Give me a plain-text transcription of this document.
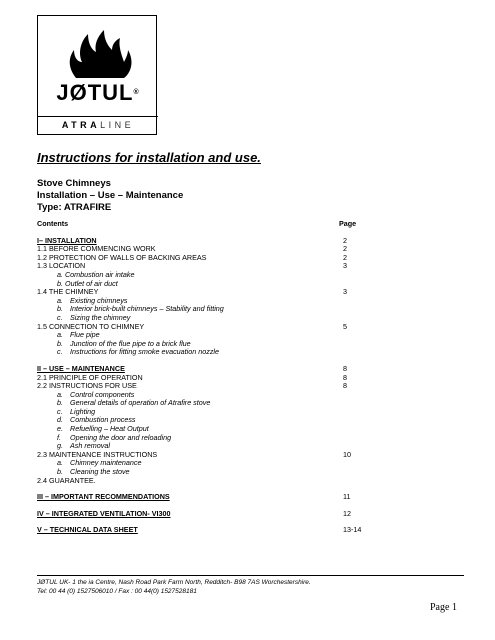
JØTUL®
ATRALINE
Instructions for installation and use.
Stove Chimneys
Installation – Use – Maintenance
Type: ATRAFIRE
Contents	Page
I– INSTALLATION	2
1.1 BEFORE COMMENCING WORK	2
1.2 PROTECTION OF WALLS OF BACKING AREAS	2
1.3 LOCATION	3
a. Combustion air intake
b. Outlet of air duct
1.4 THE CHIMNEY	3
a. Existing chimneys
b. Interior brick-built chimneys – Stability and fitting
c. Sizing the chimney
1.5 CONNECTION TO CHIMNEY	5
a. Flue pipe
b. Junction of the flue pipe to a brick flue
c. Instructions for fitting smoke evacuation nozzle
II – USE – MAINTENANCE	8
2.1 PRINCIPLE OF OPERATION	8
2.2 INSTRUCTIONS FOR USE	8
a. Control components
b. General details of operation of Atrafire stove
c. Lighting
d. Combustion process
e. Refuelling – Heat Output
f. Opening the door and reloading
g. Ash removal
2.3 MAINTENANCE INSTRUCTIONS	10
a. Chimney maintenance
b. Cleaning the stove
2.4 GUARANTEE.
III – IMPORTANT RECOMMENDATIONS	11
IV – INTEGRATED VENTILATION- VI300	12
V – TECHNICAL DATA SHEET	13-14
JØTUL UK- 1 the ia Centre, Nash Road Park Farm North, Redditch- B98 7AS Worchestershire.
Tel: 00 44 (0) 1527506010 / Fax : 00 44(0) 1527528181
Page 1
